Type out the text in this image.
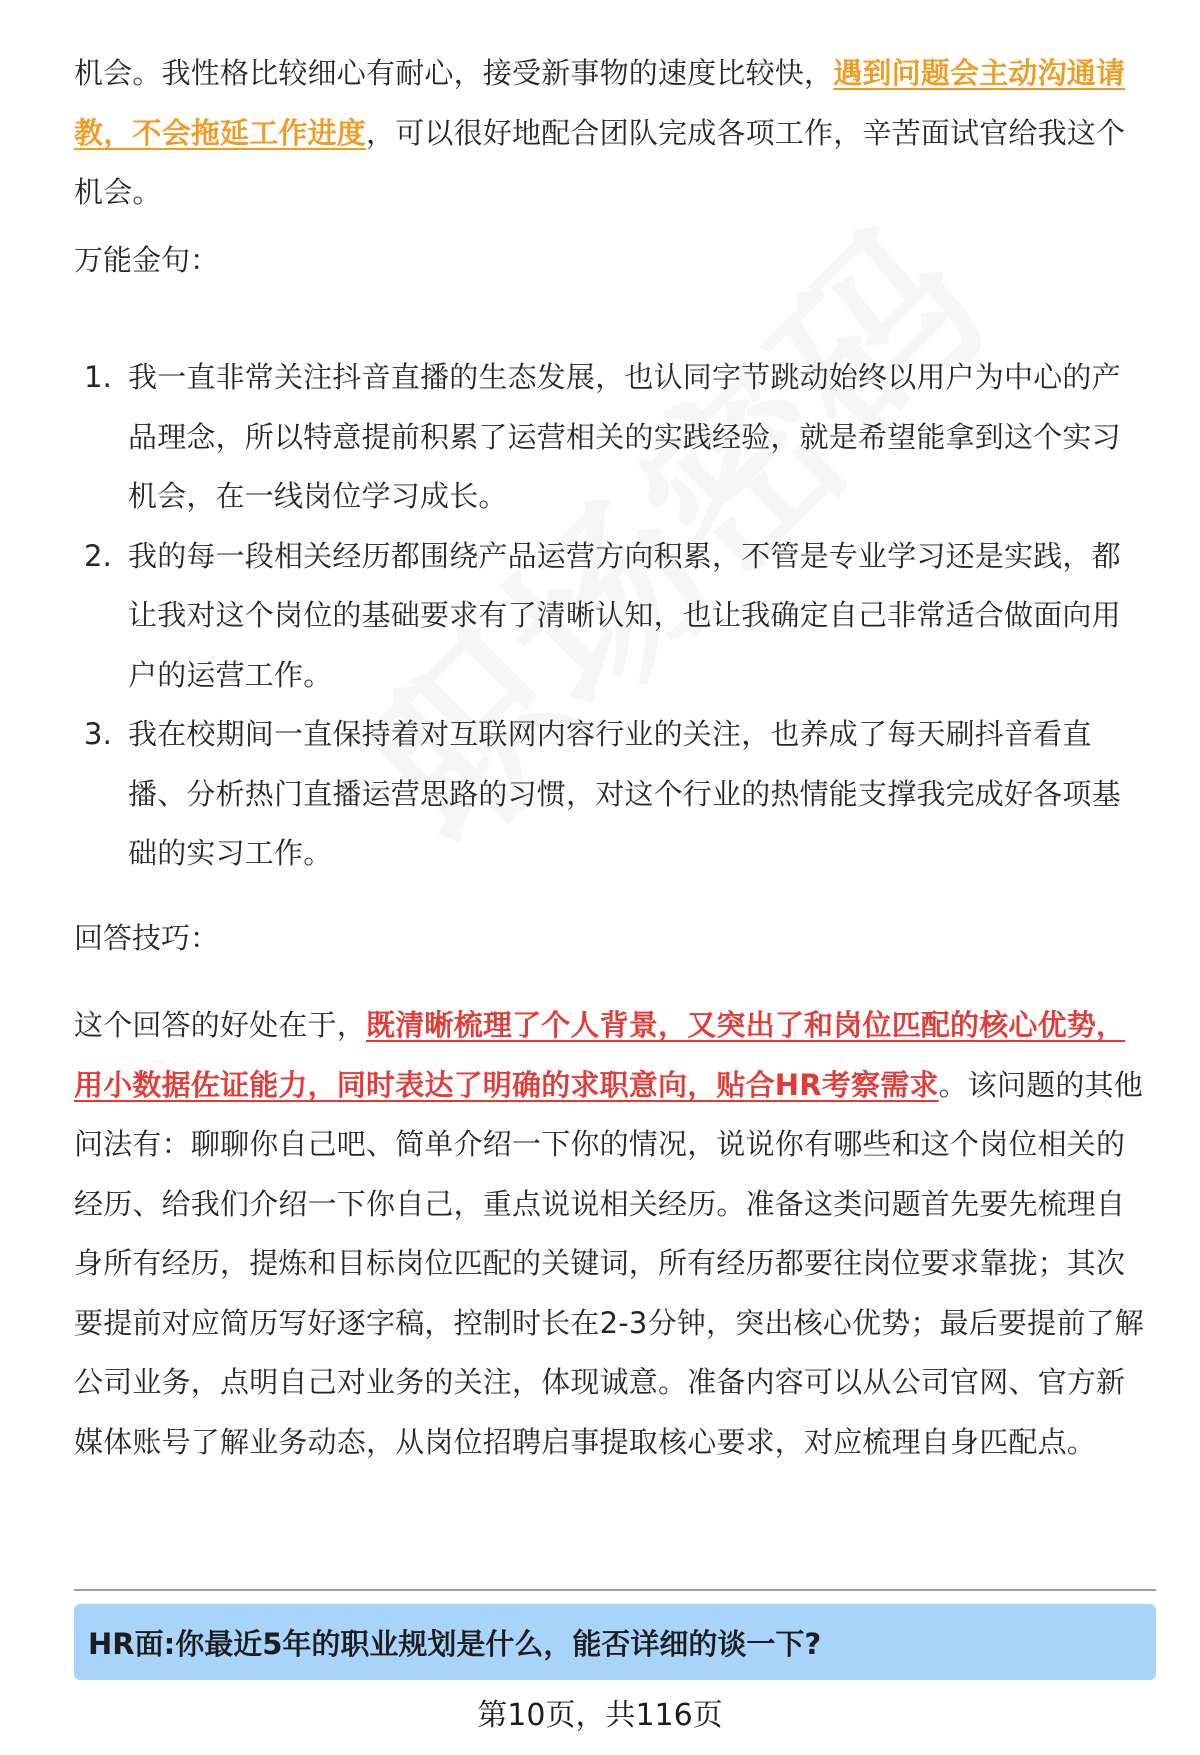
机会。我性格比较细心有耐心，接受新事物的速度比较快，遇到问题会主动沟通请教，不会拖延工作进度，可以很好地配合团队完成各项工作，辛苦面试官给我这个机会。

万能金句：

1. 我一直非常关注抖音直播的生态发展，也认同字节跳动始终以用户为中心的产品理念，所以特意提前积累了运营相关的实践经验，就是希望能拿到这个实习机会，在一线岗位学习成长。
2. 我的每一段相关经历都围绕产品运营方向积累，不管是专业学习还是实践，都让我对这个岗位的基础要求有了清晰认知，也让我确定自己非常适合做面向用户的运营工作。
3. 我在校期间一直保持着对互联网内容行业的关注，也养成了每天刷抖音看直播、分析热门直播运营思路的习惯，对这个行业的热情能支撑我完成好各项基础的实习工作。

回答技巧：

这个回答的好处在于，既清晰梳理了个人背景，又突出了和岗位匹配的核心优势，用小数据佐证能力，同时表达了明确的求职意向，贴合HR考察需求。该问题的其他问法有：聊聊你自己吧、简单介绍一下你的情况，说说你有哪些和这个岗位相关的经历、给我们介绍一下你自己，重点说说相关经历。准备这类问题首先要先梳理自身所有经历，提炼和目标岗位匹配的关键词，所有经历都要往岗位要求靠拢；其次要提前对应简历写好逐字稿，控制时长在2-3分钟，突出核心优势；最后要提前了解公司业务，点明自己对业务的关注，体现诚意。准备内容可以从公司官网、官方新媒体账号了解业务动态，从岗位招聘启事提取核心要求，对应梳理自身匹配点。

HR面:你最近5年的职业规划是什么，能否详细的谈一下?
第10页，共116页
